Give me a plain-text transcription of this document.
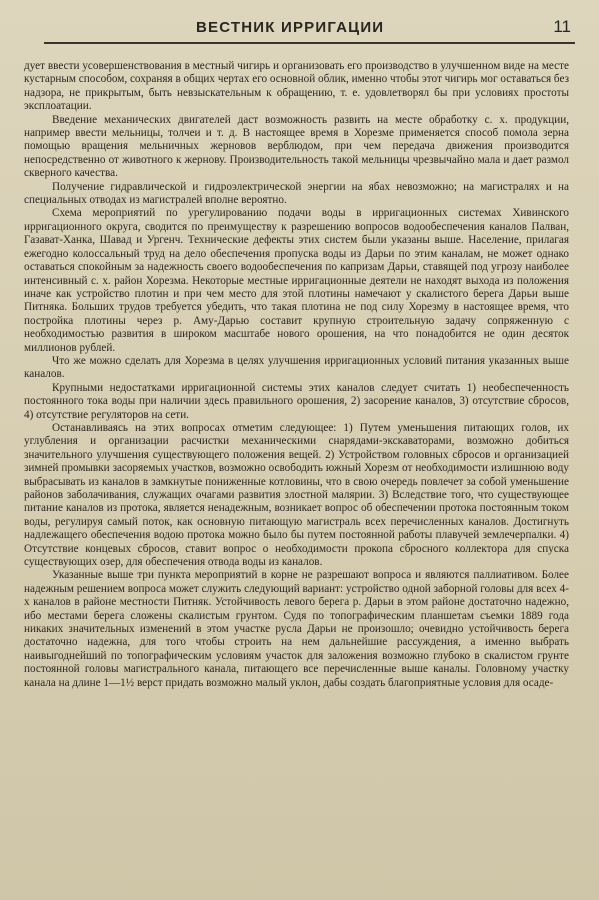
ВЕСТНИК ИРРИГАЦИИ	11

дует ввести усовершенствования в местный чигирь и организовать его производство в улучшенном виде на месте кустарным способом, сохраняя в общих чертах его основной облик, именно чтобы этот чигирь мог оставаться без надзора, не прикрытым, быть невзыскательным к обращению, т. е. удовлетворял бы при условиях простоты эксплоатации.

Введение механических двигателей даст возможность развить на месте обработку с. х. продукции, например ввести мельницы, толчеи и т. д. В настоящее время в Хорезме применяется способ помола зерна помощью вращения мельничных жерновов верблюдом, при чем передача движения производится непосредственно от животного к жернову. Производительность такой мельницы чрезвычайно мала и дает размол скверного качества.

Получение гидравлической и гидроэлектрической энергии на ябах невозможно; на магистралях и на специальных отводах из магистралей вполне вероятно.

Схема мероприятий по урегулированию подачи воды в ирригационных системах Хивинского ирригационного округа, сводится по преимуществу к разрешению вопросов водообеспечения каналов Палван, Газават-Ханка, Шавад и Ургенч. Технические дефекты этих систем были указаны выше. Население, прилагая ежегодно колоссальный труд на дело обеспечения пропуска воды из Дарьи по этим каналам, не может однако оставаться спокойным за надежность своего водообеспечения по капризам Дарьи, ставящей под угрозу наиболее интенсивный с. х. район Хорезма. Некоторые местные ирригационные деятели не находят выхода из положения иначе как устройство плотин и при чем место для этой плотины намечают у скалистого берега Дарьи выше Питняка. Больших трудов требуется убедить, что такая плотина не под силу Хорезму в настоящее время, что постройка плотины через р. Аму-Дарью составит крупную строительную задачу сопряженную с необходимостью развития в широком масштабе нового орошения, на что понадобится не один десяток миллионов рублей.

Что же можно сделать для Хорезма в целях улучшения ирригационных условий питания указанных выше каналов.

Крупными недостатками ирригационной системы этих каналов следует считать 1) необеспеченность постоянного тока воды при наличии здесь правильного орошения, 2) засорение каналов, 3) отсутствие сбросов, 4) отсутствие регуляторов на сети.

Останавливаясь на этих вопросах отметим следующее: 1) Путем уменьшения питающих голов, их углубления и организации расчистки механическими снарядами-экскаваторами, возможно добиться значительного улучшения существующего положения вещей. 2) Устройством головных сбросов и организацией зимней промывки засоряемых участков, возможно освободить южный Хорезм от необходимости излишнюю воду выбрасывать из каналов в замкнутые пониженные котловины, что в свою очередь повлечет за собой уменьшение районов заболачивания, служащих очагами развития злостной малярии. 3) Вследствие того, что существующее питание каналов из протока, является ненадежным, возникает вопрос об обеспечении протока постоянным током воды, регулируя самый поток, как основную питающую магистраль всех перечисленных каналов. Достигнуть надлежащего обеспечения водою протока можно было бы путем постоянной работы плавучей землечерпалки. 4) Отсутствие концевых сбросов, ставит вопрос о необходимости прокопа сбросного коллектора для спуска существующих озер, для обеспечения отвода воды из каналов.

Указанные выше три пункта мероприятий в корне не разрешают вопроса и являются паллиативом. Более надежным решением вопроса может служить следующий вариант: устройство одной заборной головы для всех 4-х каналов в районе местности Питняк. Устойчивость левого берега р. Дарьи в этом районе достаточно надежно, ибо местами берега сложены скалистым грунтом. Судя по топографическим планшетам съемки 1889 года никаких значительных изменений в этом участке русла Дарьи не произошло; очевидно устойчивость берега достаточно надежна, для того чтобы строить на нем дальнейшие рассуждения, а именно выбрать наивыгоднейший по топографическим условиям участок для заложения возможно глубоко в скалистом грунте постоянной головы магистрального канала, питающего все перечисленные выше каналы. Головному участку канала на длине 1—1½ верст придать возможно малый уклон, дабы создать благоприятные условия для осаде-
